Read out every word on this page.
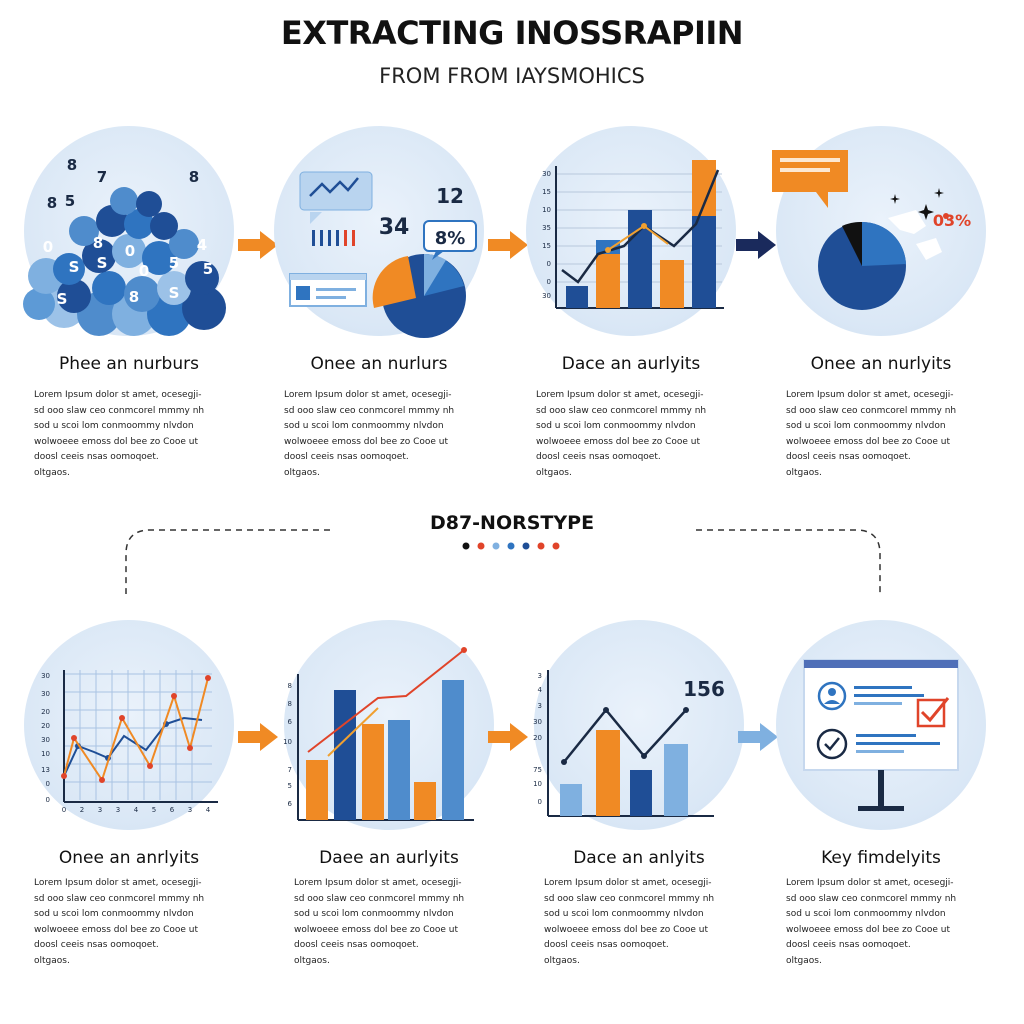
EXTRACTING INOSSRAPIIN
FROM FROM IAYSMOHICS
8
7	8
8 5
0	0
8
S
S	5
0
4
S	8 S
5
Phee an nurburs
Lorem Ipsum dolor st amet, ocesegji-
sd ooo slaw ceo conmcorel mmmy nh
sod u scoi lom conmoommy nlvdon
wolwoeee emoss dol bee zo Cooe ut
doosl ceeis nsas oomoqoet.
oltgaos.
34
12
8%
Onee an nurlurs
Lorem Ipsum dolor st amet, ocesegji-
sd ooo slaw ceo conmcorel mmmy nh
sod u scoi lom conmoommy nlvdon
wolwoeee emoss dol bee zo Cooe ut
doosl ceeis nsas oomoqoet.
oltgaos.
30
15
10
35
15
0
0
30
Dace an aurlyits
Lorem Ipsum dolor st amet, ocesegji-
sd ooo slaw ceo conmcorel mmmy nh
sod u scoi lom conmoommy nlvdon
wolwoeee emoss dol bee zo Cooe ut
doosl ceeis nsas oomoqoet.
oltgaos.
03%
Onee an nurlyits
Lorem Ipsum dolor st amet, ocesegji-
sd ooo slaw ceo conmcorel mmmy nh
sod u scoi lom conmoommy nlvdon
wolwoeee emoss dol bee zo Cooe ut
doosl ceeis nsas oomoqoet.
oltgaos.
D87-NORSTYPE
30
30
20
20
30
10
13
0
0
0 2 3 3 4 5 6 3 4
Onee an anrlyits
Lorem Ipsum dolor st amet, ocesegji-
sd ooo slaw ceo conmcorel mmmy nh
sod u scoi lom conmoommy nlvdon
wolwoeee emoss dol bee zo Cooe ut
doosl ceeis nsas oomoqoet.
oltgaos.
8
8
6
10
7
5
6
Daee an aurlyits
Lorem Ipsum dolor st amet, ocesegji-
sd ooo slaw ceo conmcorel mmmy nh
sod u scoi lom conmoommy nlvdon
wolwoeee emoss dol bee zo Cooe ut
doosl ceeis nsas oomoqoet.
oltgaos.
156
3
4
3
30
20
75
10
0
Dace an anlyits
Lorem Ipsum dolor st amet, ocesegji-
sd ooo slaw ceo conmcorel mmmy nh
sod u scoi lom conmoommy nlvdon
wolwoeee emoss dol bee zo Cooe ut
doosl ceeis nsas oomoqoet.
oltgaos.
Key fimdelyits
Lorem Ipsum dolor st amet, ocesegji-
sd ooo slaw ceo conmcorel mmmy nh
sod u scoi lom conmoommy nlvdon
wolwoeee emoss dol bee zo Cooe ut
doosl ceeis nsas oomoqoet.
oltgaos.
